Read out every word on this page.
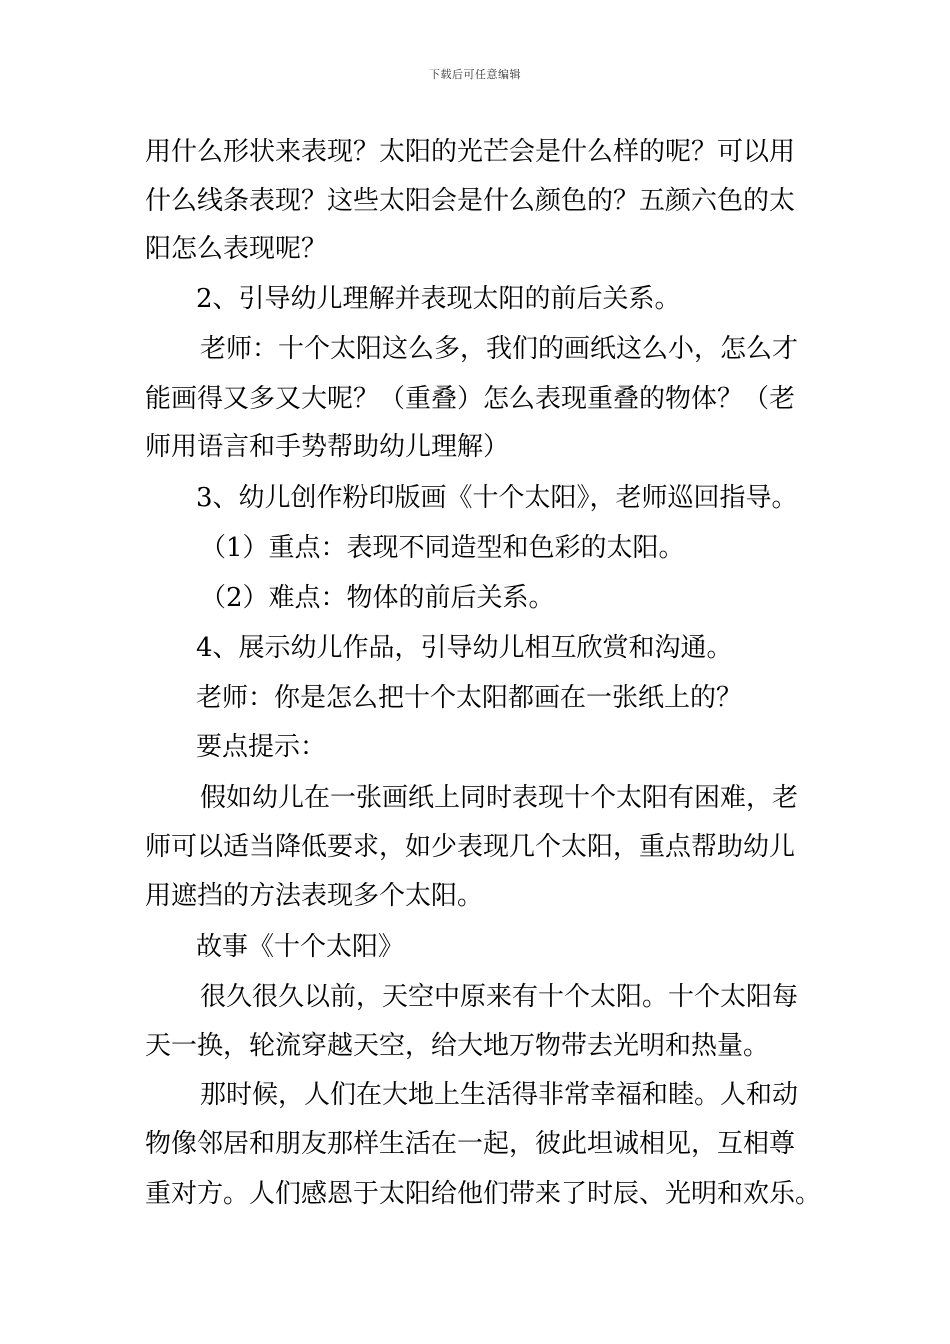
下载后可任意编辑
用什么形状来表现？太阳的光芒会是什么样的呢？可以用
什么线条表现？这些太阳会是什么颜色的？五颜六色的太
阳怎么表现呢？
2、引导幼儿理解并表现太阳的前后关系。
老师：十个太阳这么多，我们的画纸这么小，怎么才
能画得又多又大呢？（重叠）怎么表现重叠的物体？（老
师用语言和手势帮助幼儿理解）
3、幼儿创作粉印版画《十个太阳》，老师巡回指导。
（1）重点：表现不同造型和色彩的太阳。
（2）难点：物体的前后关系。
4、展示幼儿作品，引导幼儿相互欣赏和沟通。
老师：你是怎么把十个太阳都画在一张纸上的？
要点提示：
假如幼儿在一张画纸上同时表现十个太阳有困难，老
师可以适当降低要求，如少表现几个太阳，重点帮助幼儿
用遮挡的方法表现多个太阳。
故事《十个太阳》
很久很久以前，天空中原来有十个太阳。十个太阳每
天一换，轮流穿越天空，给大地万物带去光明和热量。
那时候，人们在大地上生活得非常幸福和睦。人和动
物像邻居和朋友那样生活在一起，彼此坦诚相见，互相尊
重对方。人们感恩于太阳给他们带来了时辰、光明和欢乐。
